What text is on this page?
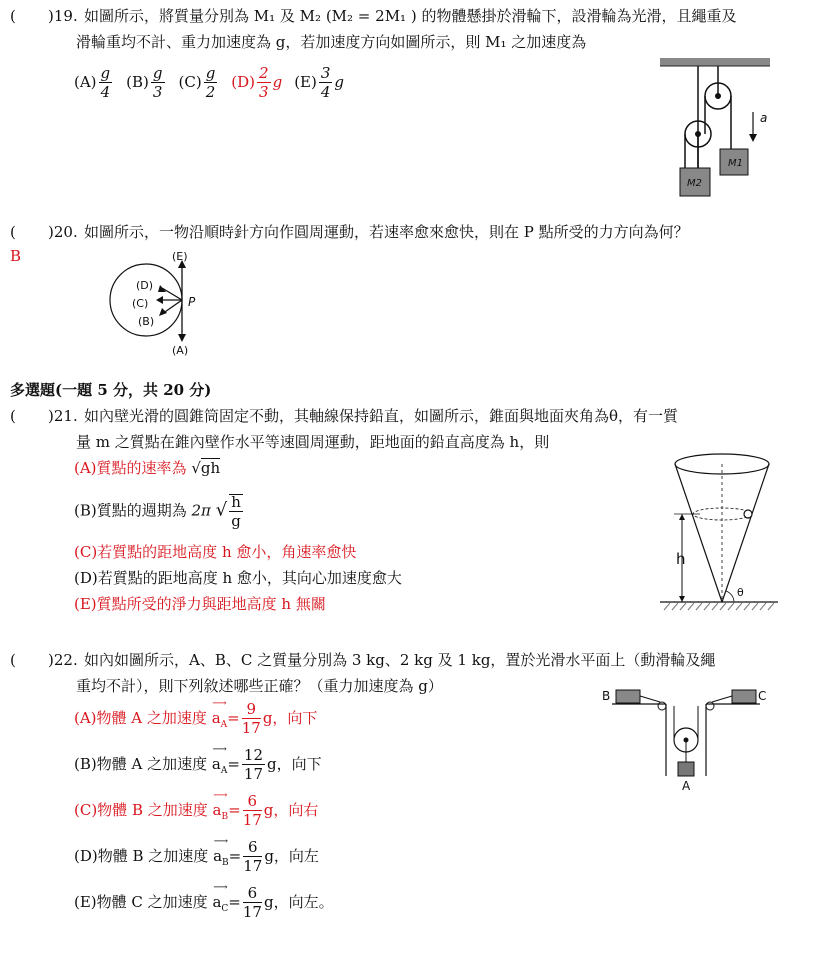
( )19. 如圖所示，將質量分別為 M₁ 及 M₂ (M₂ = 2M₁ ) 的物體懸掛於滑輪下，設滑輪為光滑，且繩重及
滑輪重均不計、重力加速度為 g，若加速度方向如圖所示，則 M₁ 之加速度為
$(A) \frac{g}{4} (B) \frac{g}{3} (C) \frac{g}{2} (D) \frac{2}{3}$ g $(E) \frac{3}{4}$ g
M1
M2
a
( )20. 如圖所示，一物沿順時針方向作圓周運動，若速率愈來愈快，則在 P 點所受的力方向為何？
B	(E)
(D)
(C)
(B)
(A)
P
多選題(一題 5 分，共 20 分)
( )21. 如內壁光滑的圓錐筒固定不動，其軸線保持鉛直，如圖所示，錐面與地面夾角為θ，有一質
量 m 之質點在錐內壁作水平等速圓周運動，距地面的鉛直高度為 h，則
(A)質點的速率為 √gh
(B)質點的週期為 2π √ $\frac{h}{g}$
(C)若質點的距地高度 h 愈小，角速率愈快
(D)若質點的距地高度 h 愈小，其向心加速度愈大
(E)質點所受的淨力與距地高度 h 無關
h
θ
( )22. 如內如圖所示，A、B、C 之質量分別為 3 kg、2 kg 及 1 kg，置於光滑水平面上（動滑輪及繩
重均不計），則下列敘述哪些正確？（重力加速度為 g）
(A)物體 A 之加速度
⟶
$a_A= \frac{9}{17}$ g，向下
(B)物體 A 之加速度
⟶
$a_A= \frac{12}{17}$ g，向下
(C)物體 B 之加速度
⟶
$a_B= \frac{6}{17}$ g，向右
(D)物體 B 之加速度
⟶
$a_B= \frac{6}{17}$ g，向左
(E)物體 C 之加速度
⟶
$a_C= \frac{6}{17}$ g，向左。
B	C
A
